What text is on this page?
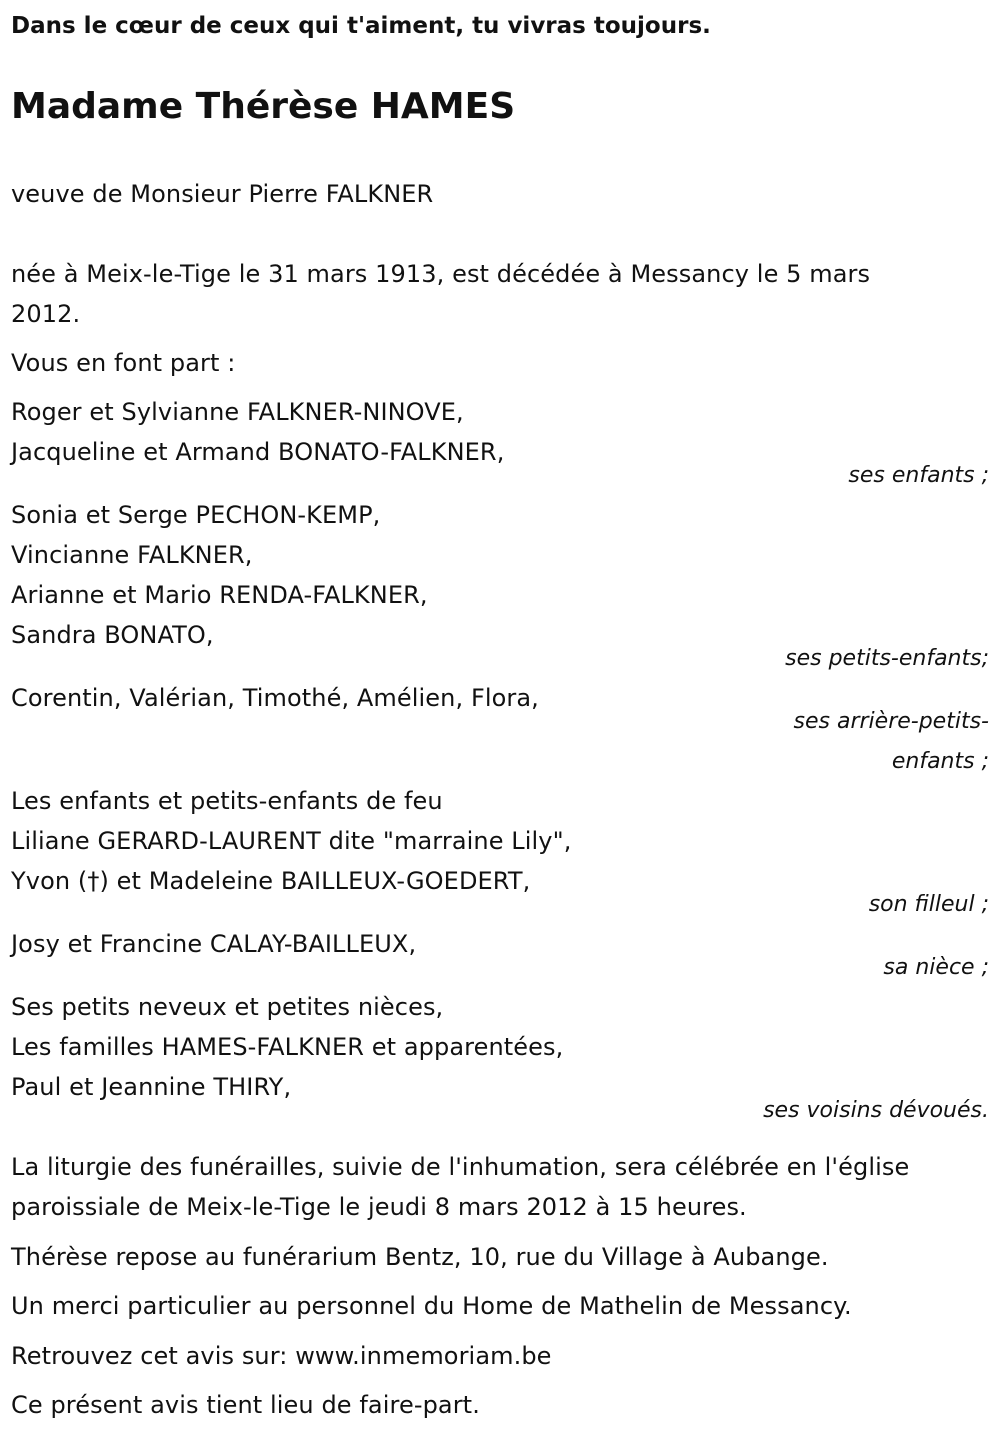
Dans le cœur de ceux qui t'aiment, tu vivras toujours.
Madame Thérèse HAMES
veuve de Monsieur Pierre FALKNER
née à Meix-le-Tige le 31 mars 1913, est décédée à Messancy le 5 mars
2012.
Vous en font part :
Roger et Sylvianne FALKNER-NINOVE,
Jacqueline et Armand BONATO-FALKNER,
ses enfants ;
Sonia et Serge PECHON-KEMP,
Vincianne FALKNER,
Arianne et Mario RENDA-FALKNER,
Sandra BONATO,
ses petits-enfants;
Corentin, Valérian, Timothé, Amélien, Flora,
ses arrière-petits-
enfants ;
Les enfants et petits-enfants de feu
Liliane GERARD-LAURENT dite "marraine Lily",
Yvon (†) et Madeleine BAILLEUX-GOEDERT,
son filleul ;
Josy et Francine CALAY-BAILLEUX,
sa nièce ;
Ses petits neveux et petites nièces,
Les familles HAMES-FALKNER et apparentées,
Paul et Jeannine THIRY,
ses voisins dévoués.
La liturgie des funérailles, suivie de l'inhumation, sera célébrée en l'église
paroissiale de Meix-le-Tige le jeudi 8 mars 2012 à 15 heures.
Thérèse repose au funérarium Bentz, 10, rue du Village à Aubange.
Un merci particulier au personnel du Home de Mathelin de Messancy.
Retrouvez cet avis sur: www.inmemoriam.be
Ce présent avis tient lieu de faire-part.
